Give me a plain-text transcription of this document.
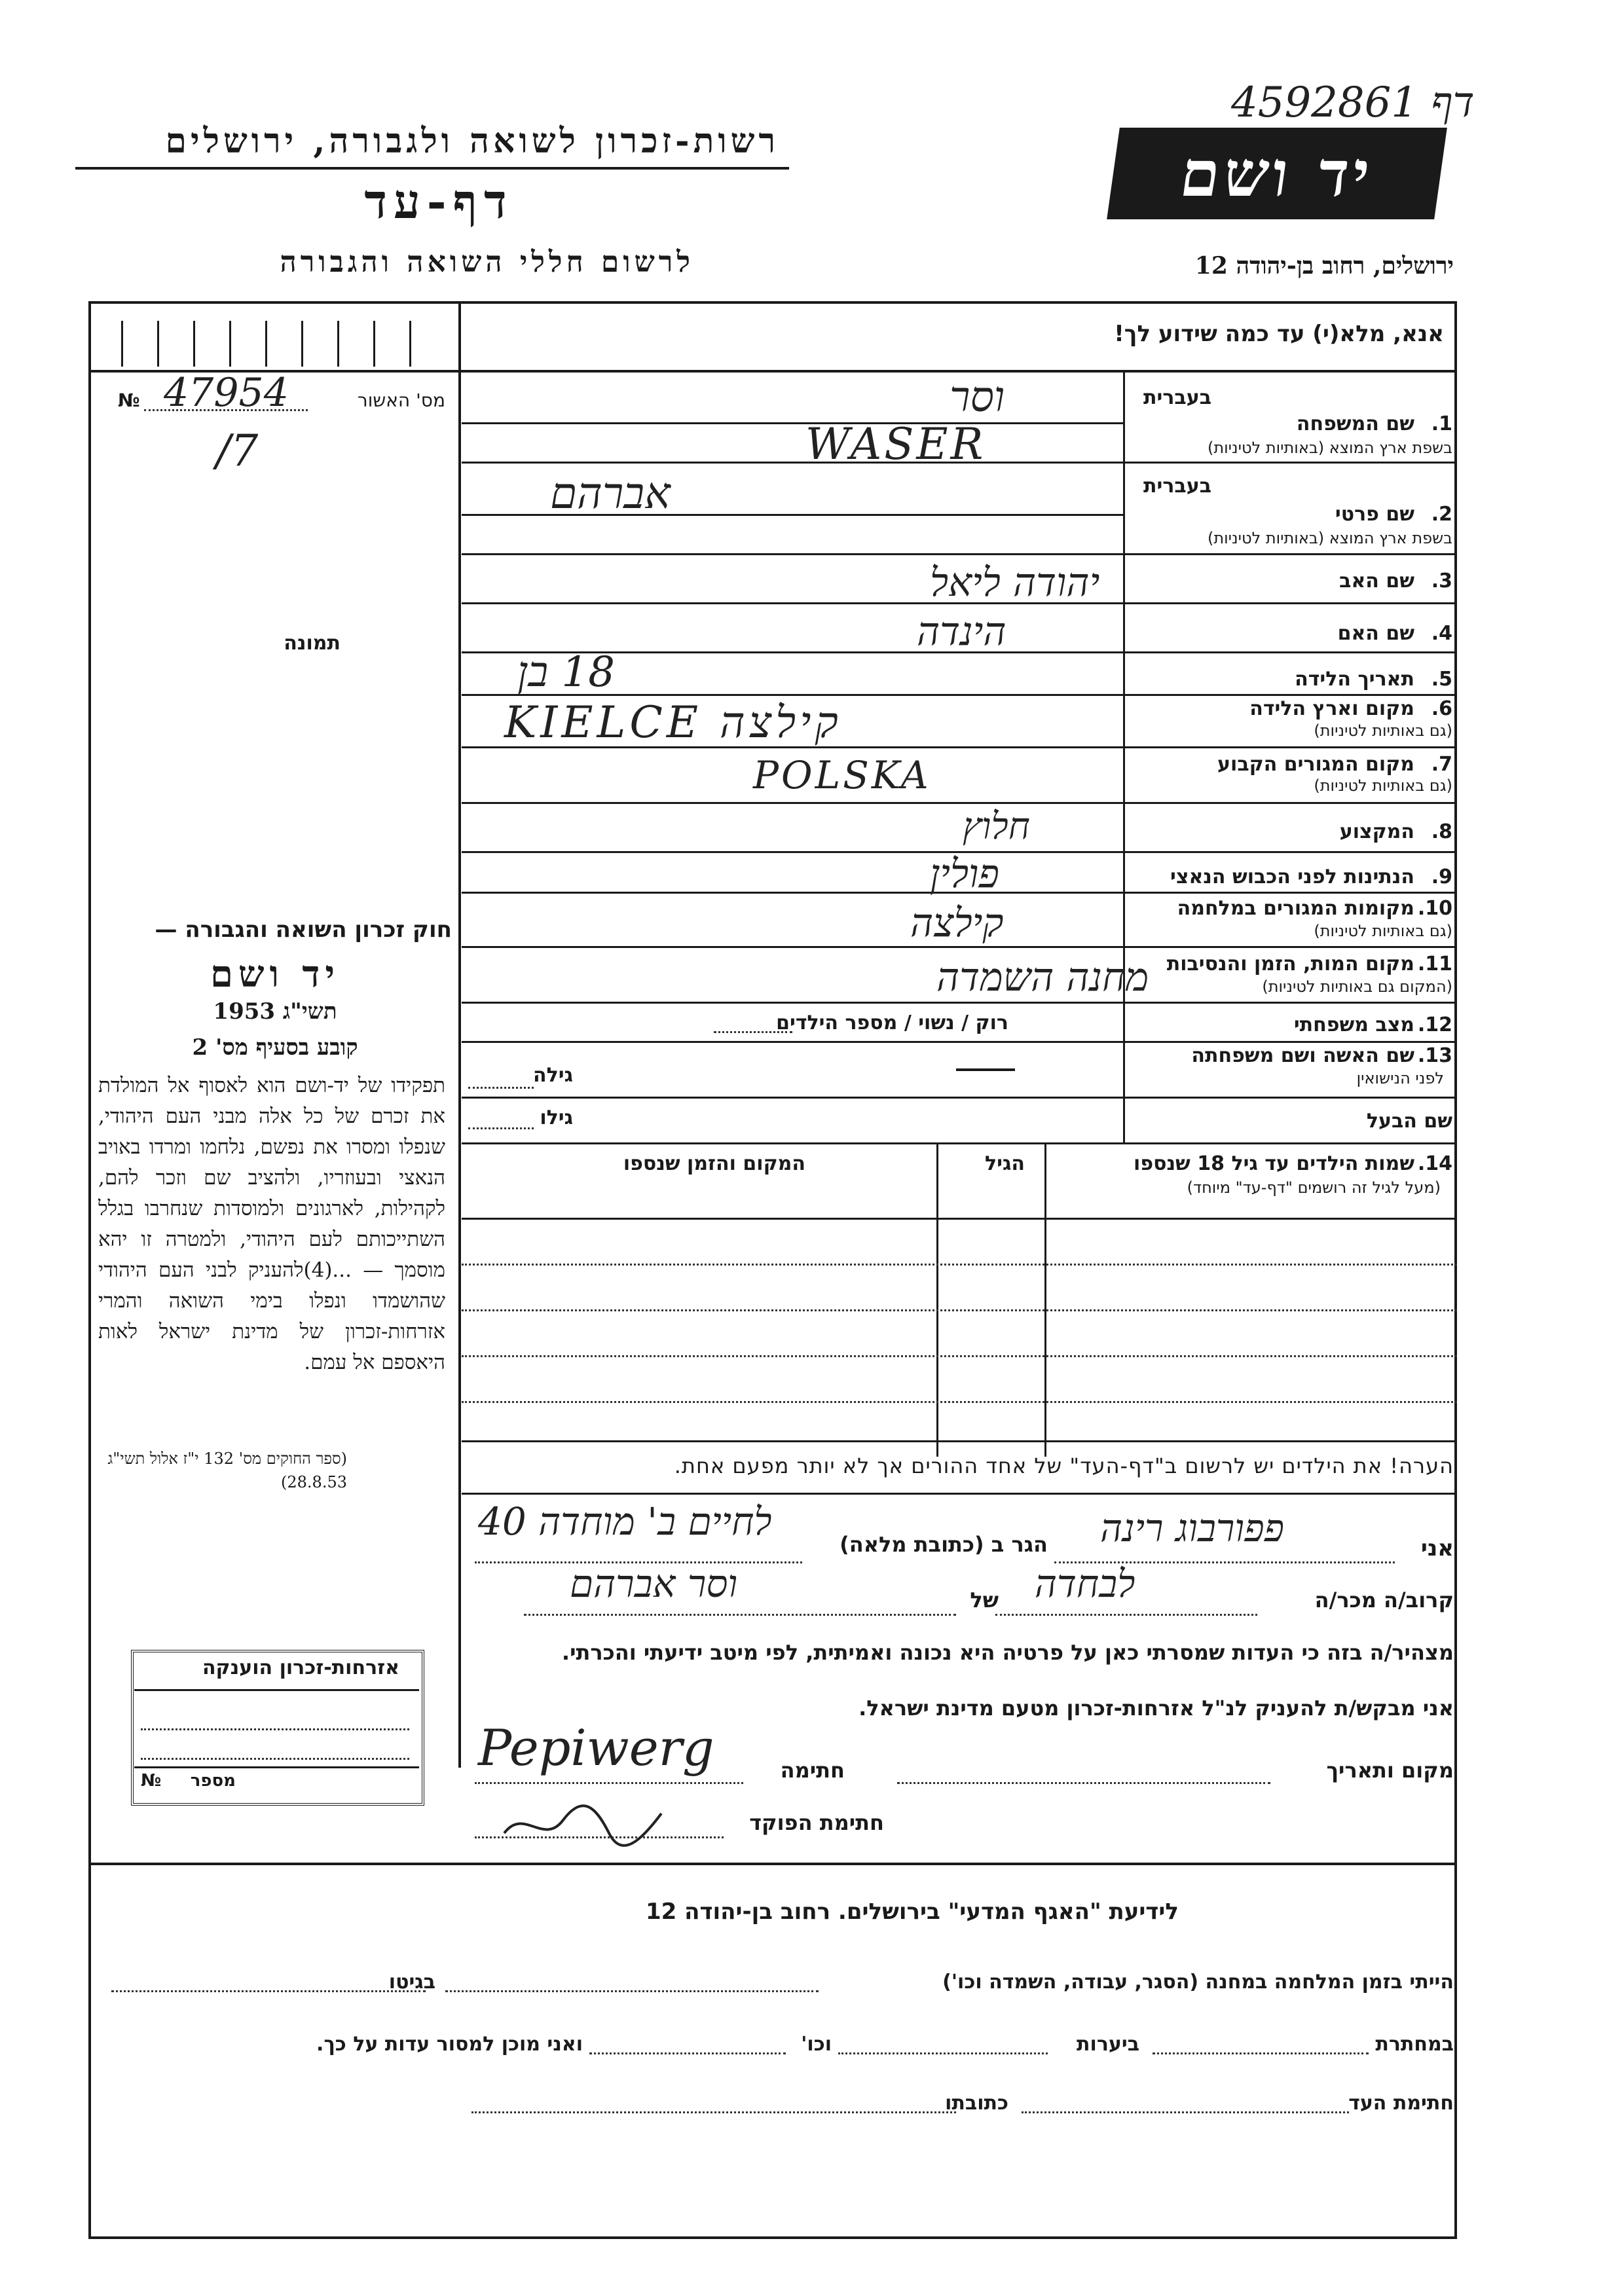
רשות-זכרון לשואה ולגבורה, ירושלים
דף-עד
לרשום חללי השואה והגבורה
4592861 דף
יד ושם
ירושלים, רחוב בן-יהודה 12
אנא, מלא(י) עד כמה שידוע לך!
בעברית
1.
שם המשפחה
בשפת ארץ המוצא (באותיות לטיניות)
וסר
WASER
בעברית
2.
שם פרטי
בשפת ארץ המוצא (באותיות לטיניות)
אברהם
3.
שם האב
יהודה ליאל
4.
שם האם
הינדה
5.
תאריך הלידה
18 בן
6.
מקום וארץ הלידה
(גם באותיות לטיניות)
KIELCE קילצה
7.
מקום המגורים הקבוע
(גם באותיות לטיניות)
POLSKA
8.
המקצוע
חלוץ
9.
הנתינות לפני הכבוש הנאצי
פולין
10.
מקומות המגורים במלחמה
(גם באותיות לטיניות)
קילצה
11.
מקום המות, הזמן והנסיבות
(המקום גם באותיות לטיניות)
מחנה השמדה
12.
מצב משפחתי
רוק / נשוי / מספר הילדים
13.
שם האשה ושם משפחתה
לפני הנישואין
גילה
שם הבעל
גילו
14.
שמות הילדים עד גיל 18 שנספו
(מעל לגיל זה רושמים "דף-עד" מיוחד)
הגיל
המקום והזמן שנספו
הערה! את הילדים יש לרשום ב"דף-העד" של אחד ההורים אך לא יותר מפעם אחת.
אני
פפורבוג רינה
הגר ב (כתובת מלאה)
לחיים ב' מוחדה 40
קרוב/ה מכר/ה
לבחדה
של
וסר אברהם
מצהיר/ה בזה כי העדות שמסרתי כאן על פרטיה היא נכונה ואמיתית, לפי מיטב ידיעתי והכרתי.
אני מבקש/ת להעניק לנ"ל אזרחות-זכרון מטעם מדינת ישראל.
מקום ותאריך
חתימה
Pepiwerg
חתימת הפוקד
מס' האשור
№ 47954
/7
תמונה
חוק זכרון השואה והגבורה —
יד ושם
תשי"ג 1953
קובע בסעיף מס' 2
תפקידו של יד-ושם הוא לאסוף אל המולדת את זכרם של כל אלה מבני העם היהודי, שנפלו ומסרו את נפשם, נלחמו ומרדו באויב הנאצי ובעוזריו, ולהציב שם וזכר להם, לקהילות, לארגונים ולמוסדות שנחרבו בגלל השתייכותם לעם היהודי, ולמטרה זו יהא מוסמך — ...(4)להעניק לבני העם היהודי שהושמדו ונפלו בימי השואה והמרי אזרחות-זכרון של מדינת ישראל לאות היאספם אל עמם.
(ספר החוקים מס' 132 י"ז אלול תשי"ג 28.8.53)
אזרחות-זכרון הוענקה
מספר
№
לידיעת "האגף המדעי" בירושלים. רחוב בן-יהודה 12
הייתי בזמן המלחמה במחנה (הסגר, עבודה, השמדה וכו')
בגיטו
במחתרת
ביערות
וכו'
ואני מוכן למסור עדות על כך.
חתימת העד
כתובתו
